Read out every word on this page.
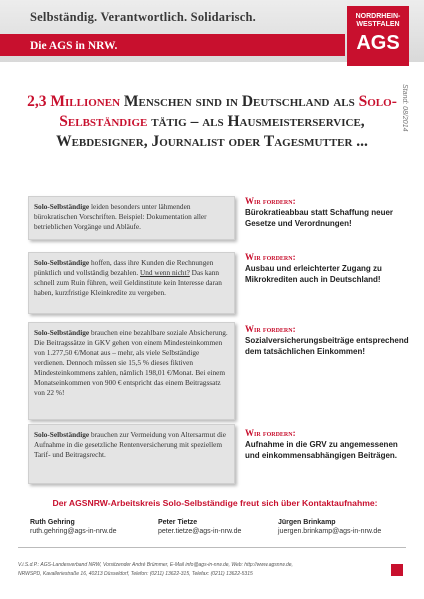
Selbständig. Verantwortlich. Solidarisch.
Die AGS in NRW.
NORDRHEIN-WESTFALEN
AGS
Stand: 08/2014
2,3 Millionen Menschen sind in Deutschland als Solo-Selbständige tätig – als Hausmeisterservice, Webdesigner, Journalist oder Tagesmutter ...
Solo-Selbständige leiden besonders unter lähmenden bürokratischen Vorschriften. Beispiel: Dokumentation aller betrieblichen Vorgänge und Abläufe.
Wir fordern:
Bürokratieabbau statt Schaffung neuer Gesetze und Verordnungen!
Solo-Selbständige hoffen, dass ihre Kunden die Rechnungen pünktlich und vollständig bezahlen. Und wenn nicht? Das kann schnell zum Ruin führen, weil Geldinstitute kein Interesse daran haben, kurzfristige Kleinkredite zu vergeben.
Wir fordern:
Ausbau und erleichterter Zugang zu Mikrokrediten auch in Deutschland!
Solo-Selbständige brauchen eine bezahlbare soziale Absicherung. Die Beitragssätze in GKV gehen von einem Mindesteinkommen von 1.277,50 €/Monat aus – mehr, als viele Selbständige verdienen. Dennoch müssen sie 15,5 % dieses fiktiven Mindesteinkommens zahlen, nämlich 198,01 €/Monat. Bei einem Monatseinkommen von 900 € entspricht das einem Beitragssatz von 22 %!
Wir fordern:
Sozialversicherungsbeiträge entsprechend dem tatsächlichen Einkommen!
Solo-Selbständige brauchen zur Vermeidung von Altersarmut die Aufnahme in die gesetzliche Rentenversicherung mit speziellem Tarif- und Beitragsrecht.
Wir fordern:
Aufnahme in die GRV zu angemessenen und einkommensabhängigen Beiträgen.
Der AGSNRW-Arbeitskreis Solo-Selbständige freut sich über Kontaktaufnahme:
Ruth Gehring
ruth.gehring@ags-in-nrw.de
Peter Tietze
peter.tietze@ags-in-nrw.de
Jürgen Brinkamp
juergen.brinkamp@ags-in-nrw.de
V.i.S.d.P.: AGS-Landesverband NRW, Vorsitzender André Brümmer, E-Mail info@ags-in-nrw.de, Web: http://www.agsnrw.de,
NRWSPD, Kavalleriestraße 16, 40213 Düsseldorf, Telefon: (0211) 13622-315, Telefax: (0211) 13622-5315
